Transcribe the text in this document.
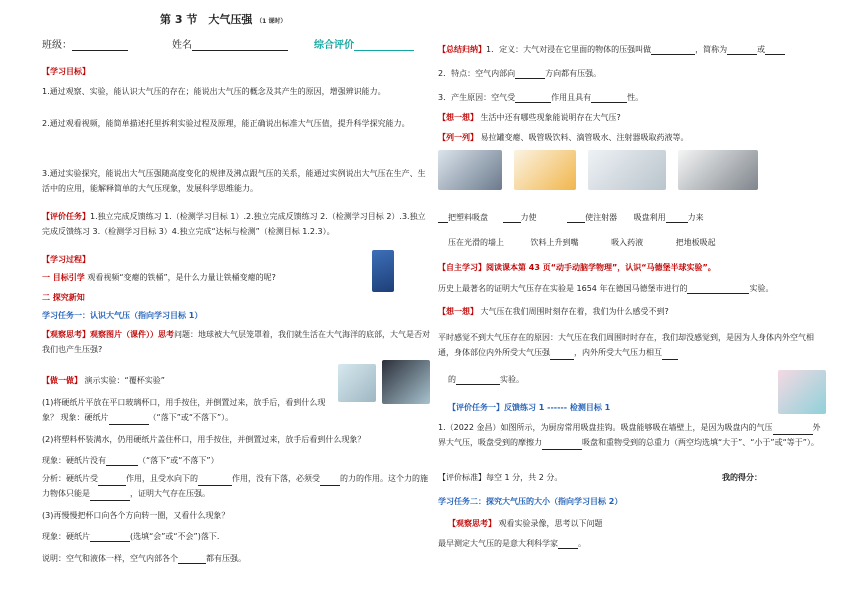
第 3 节　大气压强 （1 课时）
班级：	姓名	综合评价
【学习目标】
1.通过观察、实验，能认识大气压的存在；能说出大气压的概念及其产生的原因，增强辨识能力。
2.通过观看视频，能简单描述托里拆利实验过程及原理，能正确说出标准大气压值，提升科学探究能力。
3.通过实验探究，能说出大气压强随高度变化的规律及沸点跟气压的关系，能通过实例说出大气压在生产、生活中的应用，能解释简单的大气压现象，发展科学思维能力。
【评价任务】1.独立完成反馈练习 1.（检测学习目标 1）.2.独立完成反馈练习 2.（检测学习目标 2）.3.独立完成反馈练习 3.（检测学习目标 3）4.独立完成“达标与检测”（检测目标 1.2.3）。
【学习过程】
一 目标引学 观看视频“变瘪的铁桶”，是什么力量让铁桶变瘪的呢?
二 探究新知
学习任务一：认识大气压（指向学习目标 1）
【观察思考】观察图片（课件））思考问题：地球被大气层笼罩着，我们就生活在大气海洋的底部，大气是否对我们也产生压强?
【做一做】 演示实验：“覆杯实验”
(1)将硬纸片平放在平口玻璃杯口，用手按住，并倒置过来，放手后，看到什么现象？ 现象：硬纸片	（“落下”或“不落下”）。
(2)将塑料杯装满水，仍用硬纸片盖住杯口，用手按住，并倒置过来，放手后看到什么现象？
现象：硬纸片没有	（“落下”或“不落下”）
分析：硬纸片受	作用，且受水向下的	作用，没有下落，必须受	的力的作用。这个力的施力物体只能是	，证明大气存在压强。
(3)再慢慢把杯口向各个方向转一圈，又看什么现象？
现象：硬纸片	(选填“会”或“不会”)落下.
说明：空气和液体一样，空气内部各个	都有压强。
【总结归纳】1．定义：大气对浸在它里面的物体的压强叫做	，简称为	或
2．特点：空气内部向	方向都有压强。
3．产生原因：空气受	作用且具有	性。
【想一想】 生活中还有哪些现象能说明存在大气压?
【列一列】 易拉罐变瘪、吸管吸饮料、滴管吸水、注射器吸取药液等。
把塑料吸盘	力使	使注射器 吸盘利用	力来
压在光滑的墙上	饮料上升到嘴	吸入药液	把地板吸起
【自主学习】阅读课本第 43 页“动手动脑学物理”，认识“马德堡半球实验”。
历史上最著名的证明大气压存在实验是 1654 年在德国马德堡市进行的	实验。
【想一想】 大气压在我们周围时刻存在着，我们为什么感受不到?
平时感觉不到大气压存在的原因：大气压在我们周围时时存在，我们却没感觉到，是因为人身体内外空气相通，身体部位内外所受大气压强	，内外所受大气压力相互
的	实验。
【评价任务一】反馈练习 1 ------ 检测目标 1
1.（2022 金昌）如图所示，为厨房常用吸盘挂钩。吸盘能够吸在墙壁上，是因为吸盘内的气压	外界大气压，吸盘受到的摩擦力	吸盘和重物受到的总重力（两空均选填“大于”、“小于”或“等于”）。
【评价标准】每空 1 分，共 2 分。	我的得分：
学习任务二：探究大气压的大小（指向学习目标 2）
【观察思考】 观看实验录像，思考以下问题
最早测定大气压的是意大利科学家	。
